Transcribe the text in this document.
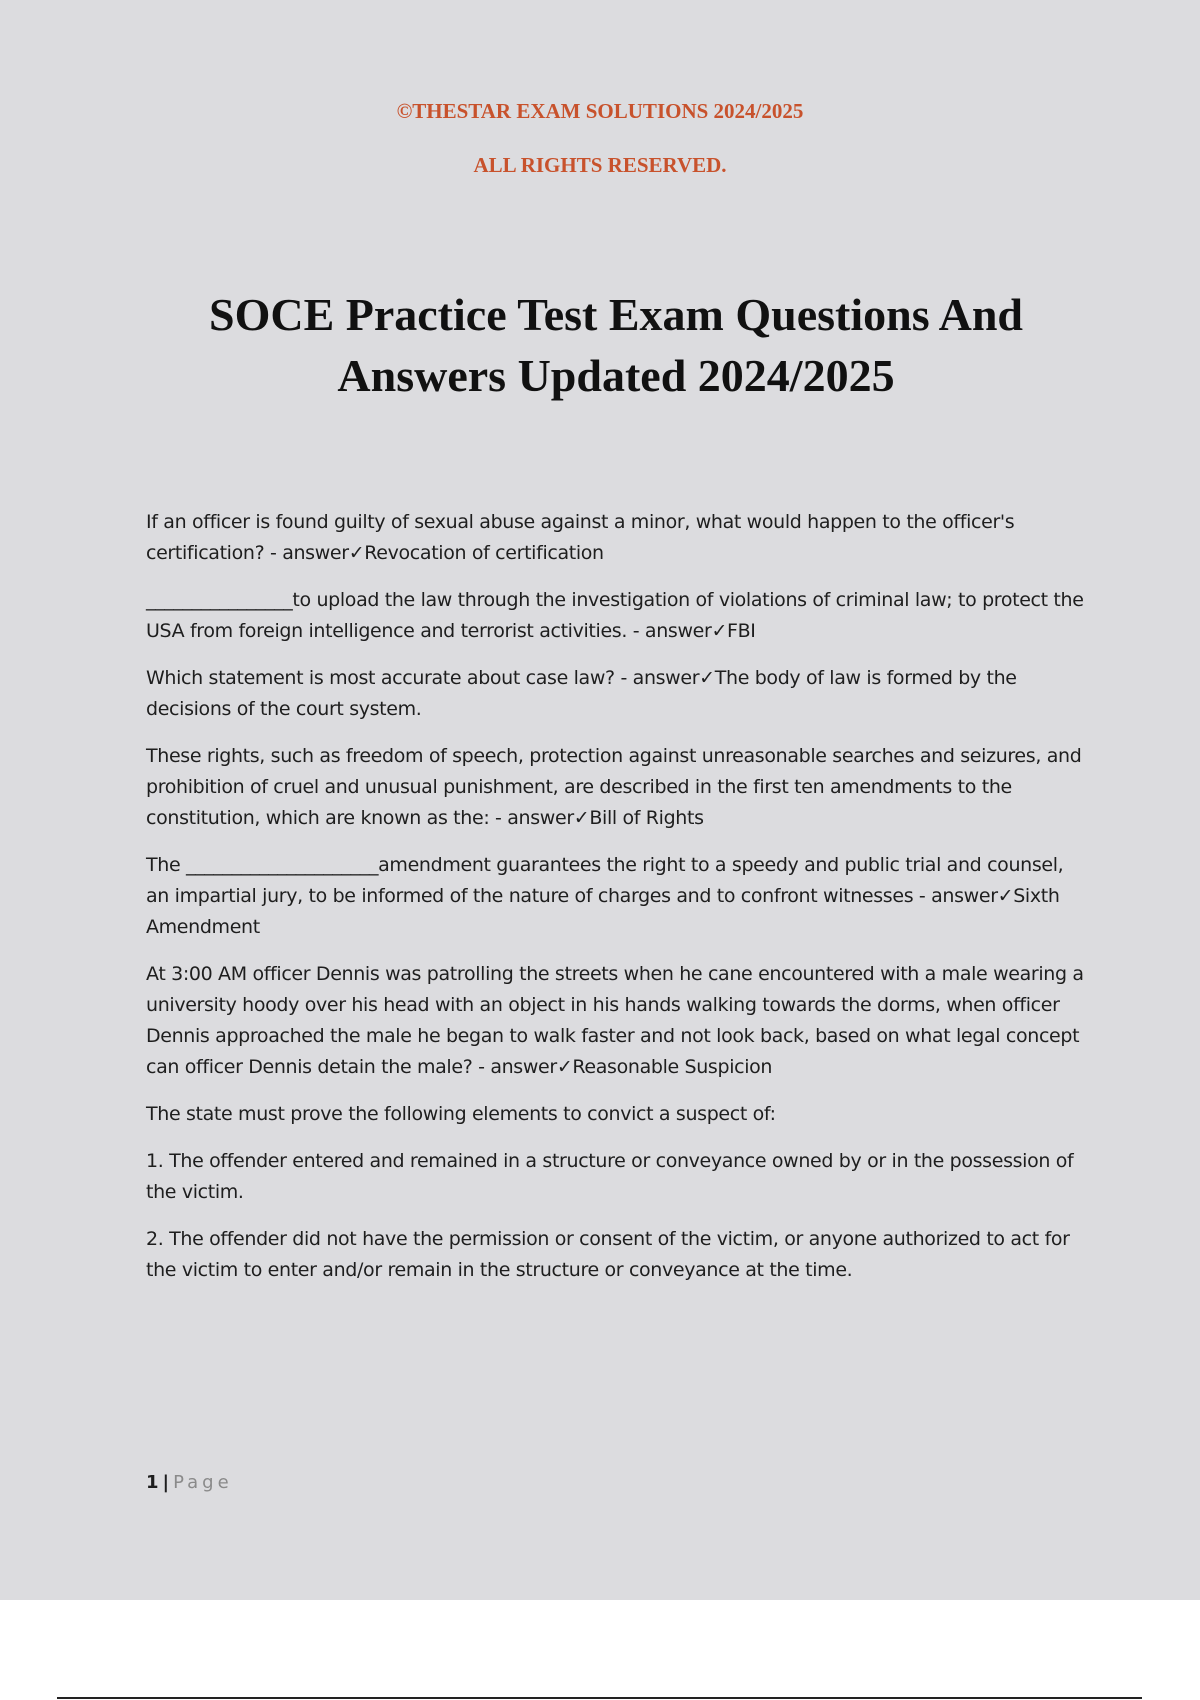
©THESTAR EXAM SOLUTIONS 2024/2025
ALL RIGHTS RESERVED.
SOCE Practice Test Exam Questions And
Answers Updated 2024/2025

If an officer is found guilty of sexual abuse against a minor, what would happen to the officer's certification? - answer✓Revocation of certification

________________to upload the law through the investigation of violations of criminal law; to protect the USA from foreign intelligence and terrorist activities. - answer✓FBI

Which statement is most accurate about case law? - answer✓The body of law is formed by the decisions of the court system.

These rights, such as freedom of speech, protection against unreasonable searches and seizures, and prohibition of cruel and unusual punishment, are described in the first ten amendments to the constitution, which are known as the: - answer✓Bill of Rights

The _____________________amendment guarantees the right to a speedy and public trial and counsel, an impartial jury, to be informed of the nature of charges and to confront witnesses - answer✓Sixth Amendment

At 3:00 AM officer Dennis was patrolling the streets when he cane encountered with a male wearing a university hoody over his head with an object in his hands walking towards the dorms, when officer Dennis approached the male he began to walk faster and not look back, based on what legal concept can officer Dennis detain the male? - answer✓Reasonable Suspicion

The state must prove the following elements to convict a suspect of:

1. The offender entered and remained in a structure or conveyance owned by or in the possession of the victim.

2. The offender did not have the permission or consent of the victim, or anyone authorized to act for the victim to enter and/or remain in the structure or conveyance at the time.

1 | Page
